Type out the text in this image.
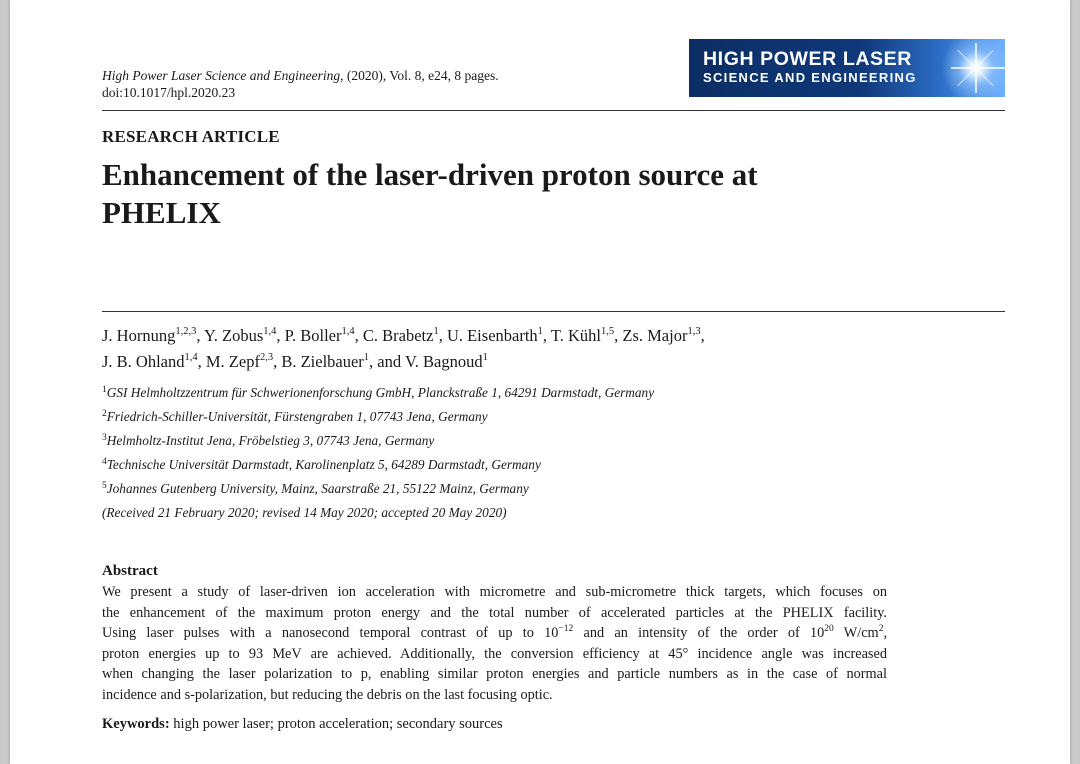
High Power Laser Science and Engineering, (2020), Vol. 8, e24, 8 pages.
doi:10.1017/hpl.2020.23
HIGH POWER LASER
SCIENCE AND ENGINEERING
RESEARCH ARTICLE
Enhancement of the laser-driven proton source at
PHELIX
J. Hornung$^{1,2,3}$, Y. Zobus$^{1,4}$, P. Boller$^{1,4}$, C. Brabetz$^1$, U. Eisenbarth$^1$, T. Kühl$^{1,5}$, Zs. Major$^{1,3}$,
J. B. Ohland$^{1,4}$, M. Zepf$^{2,3}$, B. Zielbauer$^1$, and V. Bagnoud$^1$
$^1$GSI Helmholtzzentrum für Schwerionenforschung GmbH, Planckstraße 1, 64291 Darmstadt, Germany
$^2$Friedrich-Schiller-Universität, Fürstengraben 1, 07743 Jena, Germany
$^3$Helmholtz-Institut Jena, Fröbelstieg 3, 07743 Jena, Germany
$^4$Technische Universität Darmstadt, Karolinenplatz 5, 64289 Darmstadt, Germany
$^5$Johannes Gutenberg University, Mainz, Saarstraße 21, 55122 Mainz, Germany
(Received 21 February 2020; revised 14 May 2020; accepted 20 May 2020)
Abstract
We present a study of laser-driven ion acceleration with micrometre and sub-micrometre thick targets, which focuses on
the enhancement of the maximum proton energy and the total number of accelerated particles at the PHELIX facility.
Using laser pulses with a nanosecond temporal contrast of up to $10^{-12}$ and an intensity of the order of $10^{20}$ $W/cm^2$,
proton energies up to 93 MeV are achieved. Additionally, the conversion efficiency at 45° incidence angle was increased
when changing the laser polarization to p, enabling similar proton energies and particle numbers as in the case of normal
incidence and s-polarization, but reducing the debris on the last focusing optic.
Keywords: high power laser; proton acceleration; secondary sources
